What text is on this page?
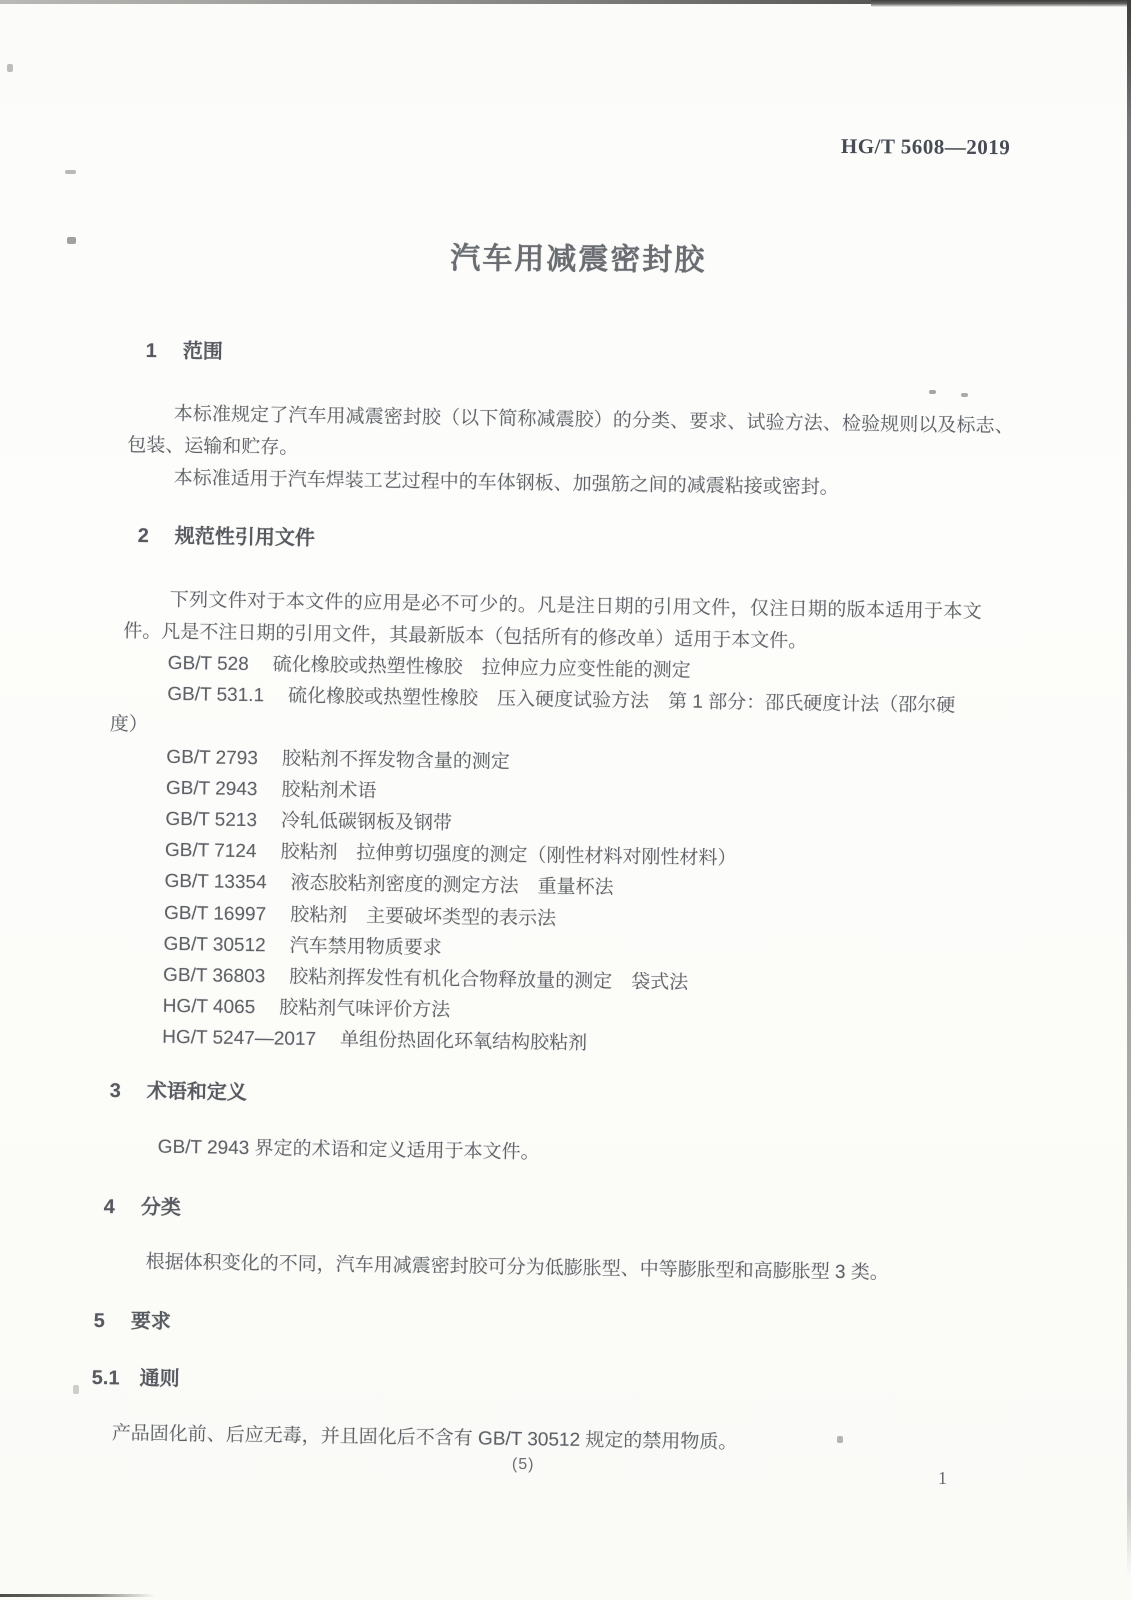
HG/T 5608—2019
汽车用减震密封胶
1 范围
本标准规定了汽车用减震密封胶（以下简称减震胶）的分类、要求、试验方法、检验规则以及标志、包装、运输和贮存。
本标准适用于汽车焊装工艺过程中的车体钢板、加强筋之间的减震粘接或密封。
2 规范性引用文件
下列文件对于本文件的应用是必不可少的。凡是注日期的引用文件，仅注日期的版本适用于本文件。凡是不注日期的引用文件，其最新版本（包括所有的修改单）适用于本文件。
GB/T 528 硫化橡胶或热塑性橡胶　拉伸应力应变性能的测定
GB/T 531.1 硫化橡胶或热塑性橡胶　压入硬度试验方法　第 1 部分：邵氏硬度计法（邵尔硬度）
GB/T 2793 胶粘剂不挥发物含量的测定
GB/T 2943 胶粘剂术语
GB/T 5213 冷轧低碳钢板及钢带
GB/T 7124 胶粘剂　拉伸剪切强度的测定（刚性材料对刚性材料）
GB/T 13354 液态胶粘剂密度的测定方法　重量杯法
GB/T 16997 胶粘剂　主要破坏类型的表示法
GB/T 30512 汽车禁用物质要求
GB/T 36803 胶粘剂挥发性有机化合物释放量的测定　袋式法
HG/T 4065 胶粘剂气味评价方法
HG/T 5247—2017 单组份热固化环氧结构胶粘剂
3 术语和定义
GB/T 2943 界定的术语和定义适用于本文件。
4 分类
根据体积变化的不同，汽车用减震密封胶可分为低膨胀型、中等膨胀型和高膨胀型 3 类。
5 要求
5.1 通则
产品固化前、后应无毒，并且固化后不含有 GB/T 30512 规定的禁用物质。
(5)
1
